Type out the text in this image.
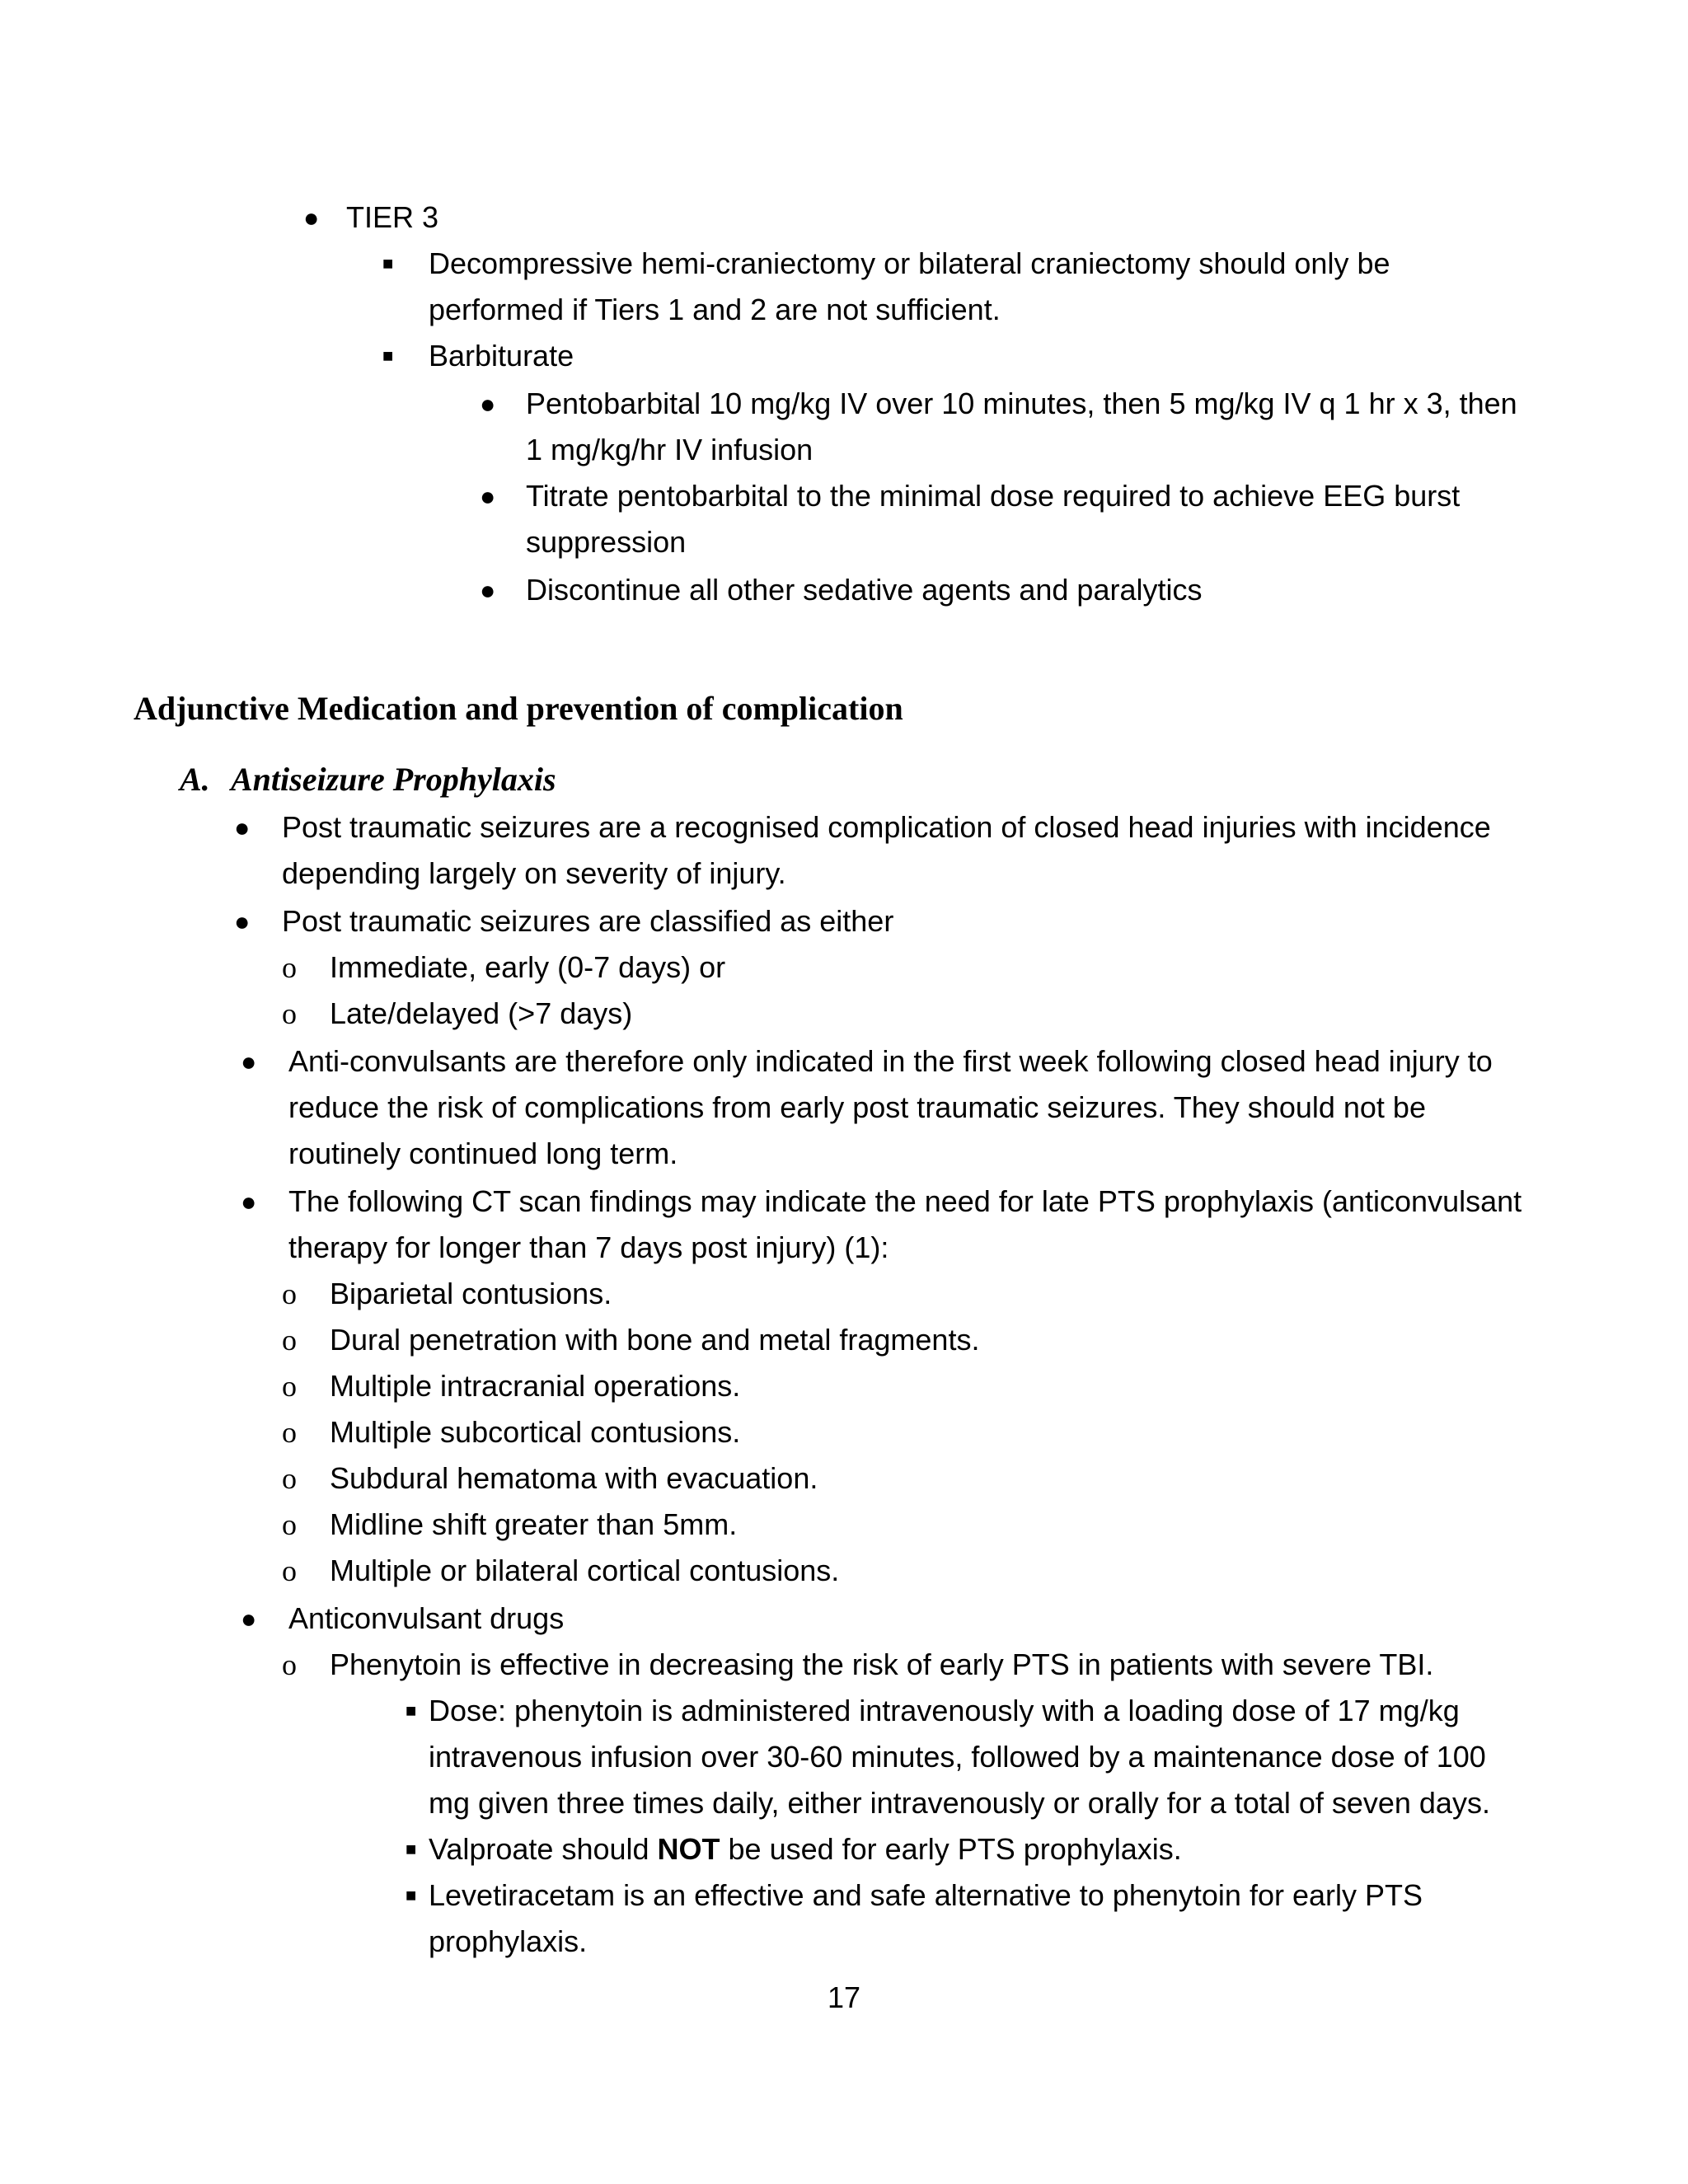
● TIER 3
■ Decompressive hemi-craniectomy or bilateral craniectomy should only be
performed if Tiers 1 and 2 are not sufficient.
■ Barbiturate
● Pentobarbital 10 mg/kg IV over 10 minutes, then 5 mg/kg IV q 1 hr x 3, then
1 mg/kg/hr IV infusion
● Titrate pentobarbital to the minimal dose required to achieve EEG burst
suppression
● Discontinue all other sedative agents and paralytics
Adjunctive Medication and prevention of complication
A. Antiseizure Prophylaxis
● Post traumatic seizures are a recognised complication of closed head injuries with incidence
depending largely on severity of injury.
● Post traumatic seizures are classified as either
o Immediate, early (0-7 days) or
o Late/delayed (>7 days)
● Anti-convulsants are therefore only indicated in the first week following closed head injury to
reduce the risk of complications from early post traumatic seizures. They should not be
routinely continued long term.
● The following CT scan findings may indicate the need for late PTS prophylaxis (anticonvulsant
therapy for longer than 7 days post injury) (1):
o Biparietal contusions.
o Dural penetration with bone and metal fragments.
o Multiple intracranial operations.
o Multiple subcortical contusions.
o Subdural hematoma with evacuation.
o Midline shift greater than 5mm.
o Multiple or bilateral cortical contusions.
● Anticonvulsant drugs
o Phenytoin is effective in decreasing the risk of early PTS in patients with severe TBI.
■ Dose: phenytoin is administered intravenously with a loading dose of 17 mg/kg
intravenous infusion over 30-60 minutes, followed by a maintenance dose of 100
mg given three times daily, either intravenously or orally for a total of seven days.
■ Valproate should NOT be used for early PTS prophylaxis.
■ Levetiracetam is an effective and safe alternative to phenytoin for early PTS
prophylaxis.
17
